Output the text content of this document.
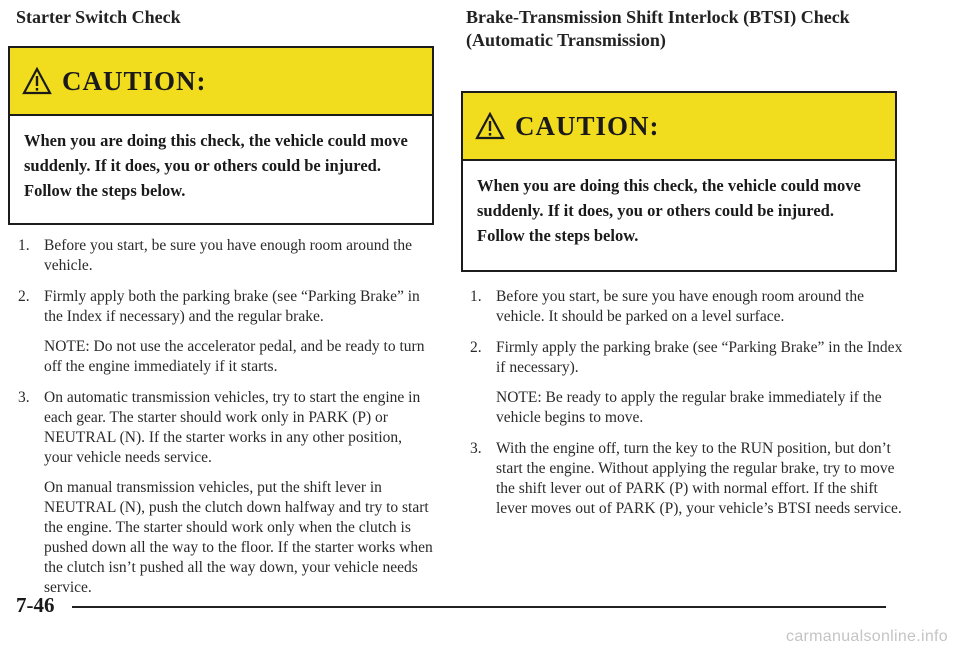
Starter Switch Check
CAUTION:

When you are doing this check, the vehicle could move suddenly. If it does, you or others could be injured. Follow the steps below.

1. Before you start, be sure you have enough room around the vehicle.

2. Firmly apply both the parking brake (see “Parking Brake” in the Index if necessary) and the regular brake.

NOTE: Do not use the accelerator pedal, and be ready to turn off the engine immediately if it starts.

3. On automatic transmission vehicles, try to start the engine in each gear. The starter should work only in PARK (P) or NEUTRAL (N). If the starter works in any other position, your vehicle needs service.

On manual transmission vehicles, put the shift lever in NEUTRAL (N), push the clutch down halfway and try to start the engine. The starter should work only when the clutch is pushed down all the way to the floor. If the starter works when the clutch isn’t pushed all the way down, your vehicle needs service.

Brake-Transmission Shift Interlock (BTSI) Check (Automatic Transmission)
CAUTION:

When you are doing this check, the vehicle could move suddenly. If it does, you or others could be injured. Follow the steps below.

1. Before you start, be sure you have enough room around the vehicle. It should be parked on a level surface.

2. Firmly apply the parking brake (see “Parking Brake” in the Index if necessary).

NOTE: Be ready to apply the regular brake immediately if the vehicle begins to move.

3. With the engine off, turn the key to the RUN position, but don’t start the engine. Without applying the regular brake, try to move the shift lever out of PARK (P) with normal effort. If the shift lever moves out of PARK (P), your vehicle’s BTSI needs service.

7-46

carmanualsonline.info
